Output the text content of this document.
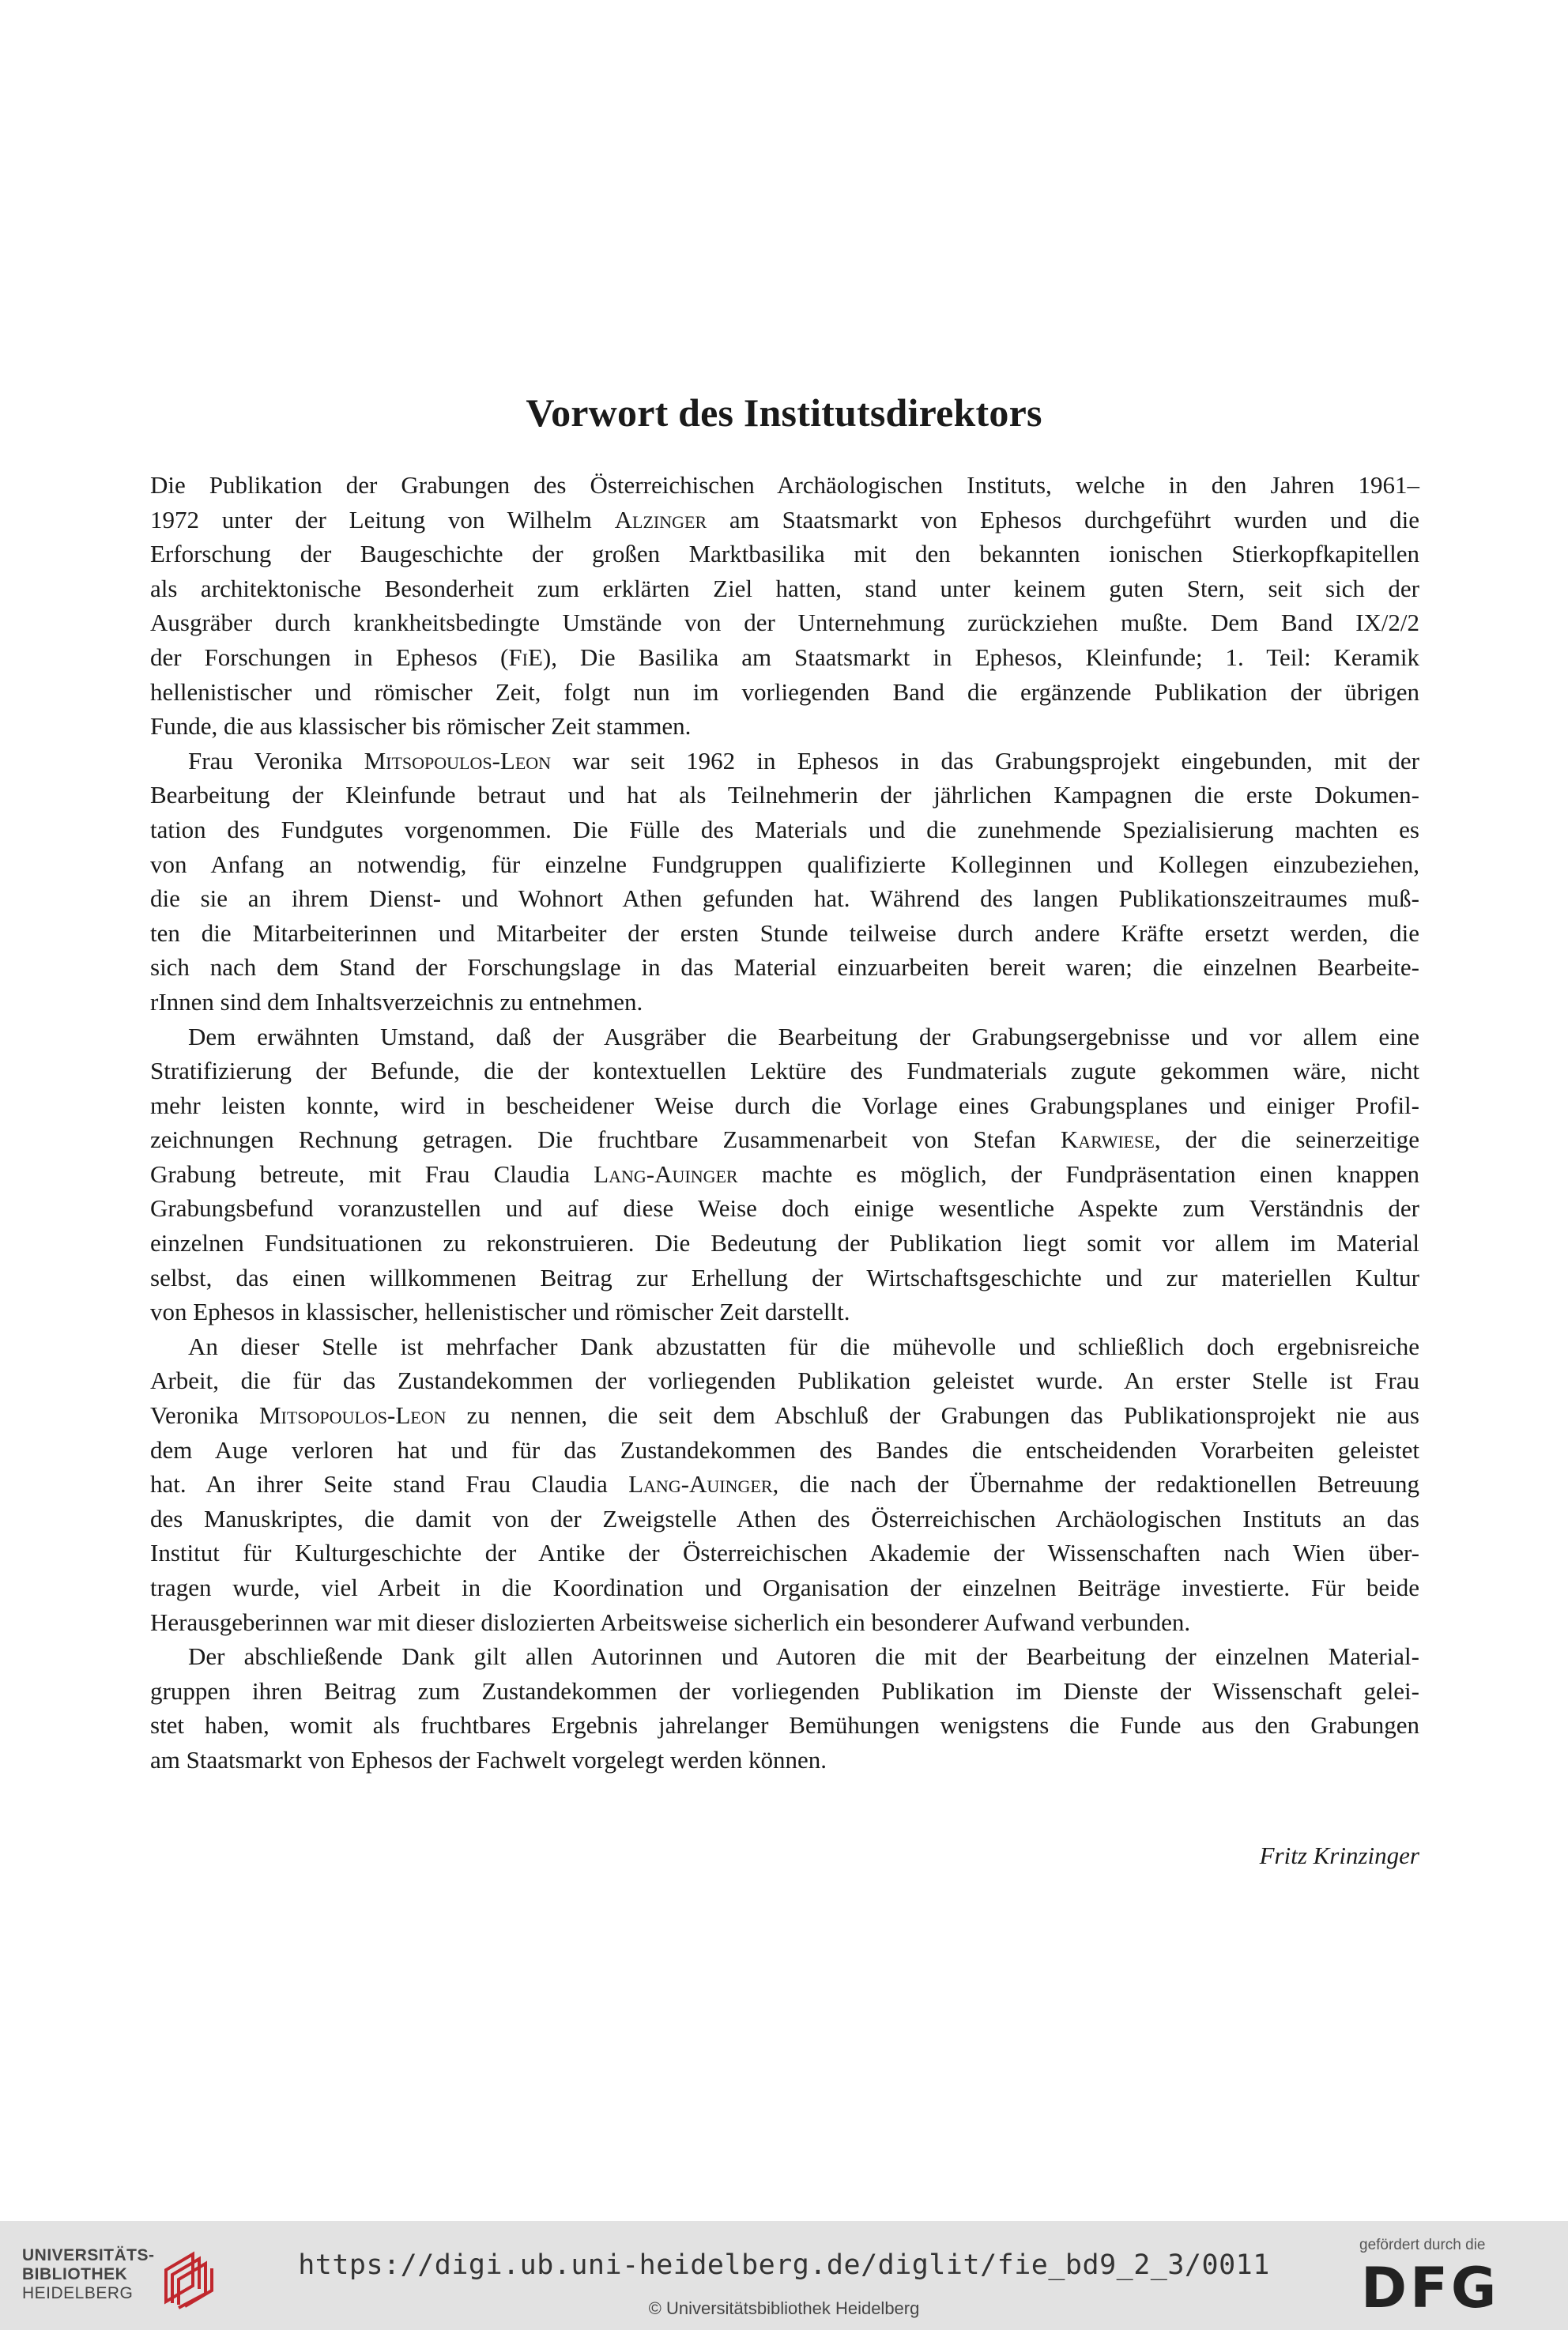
Vorwort des Institutsdirektors
Die Publikation der Grabungen des Österreichischen Archäologischen Instituts, welche in den Jahren 1961–
1972 unter der Leitung von Wilhelm Alzinger am Staatsmarkt von Ephesos durchgeführt wurden und die
Erforschung der Baugeschichte der großen Marktbasilika mit den bekannten ionischen Stierkopfkapitellen
als architektonische Besonderheit zum erklärten Ziel hatten, stand unter keinem guten Stern, seit sich der
Ausgräber durch krankheitsbedingte Umstände von der Unternehmung zurückziehen mußte. Dem Band IX/2/2
der Forschungen in Ephesos (FiE), Die Basilika am Staatsmarkt in Ephesos, Kleinfunde; 1. Teil: Keramik
hellenistischer und römischer Zeit, folgt nun im vorliegenden Band die ergänzende Publikation der übrigen
Funde, die aus klassischer bis römischer Zeit stammen.
Frau Veronika Mitsopoulos-Leon war seit 1962 in Ephesos in das Grabungsprojekt eingebunden, mit der
Bearbeitung der Kleinfunde betraut und hat als Teilnehmerin der jährlichen Kampagnen die erste Dokumen-
tation des Fundgutes vorgenommen. Die Fülle des Materials und die zunehmende Spezialisierung machten es
von Anfang an notwendig, für einzelne Fundgruppen qualifizierte Kolleginnen und Kollegen einzubeziehen,
die sie an ihrem Dienst- und Wohnort Athen gefunden hat. Während des langen Publikationszeitraumes muß-
ten die Mitarbeiterinnen und Mitarbeiter der ersten Stunde teilweise durch andere Kräfte ersetzt werden, die
sich nach dem Stand der Forschungslage in das Material einzuarbeiten bereit waren; die einzelnen Bearbeite-
rInnen sind dem Inhaltsverzeichnis zu entnehmen.
Dem erwähnten Umstand, daß der Ausgräber die Bearbeitung der Grabungsergebnisse und vor allem eine
Stratifizierung der Befunde, die der kontextuellen Lektüre des Fundmaterials zugute gekommen wäre, nicht
mehr leisten konnte, wird in bescheidener Weise durch die Vorlage eines Grabungsplanes und einiger Profil-
zeichnungen Rechnung getragen. Die fruchtbare Zusammenarbeit von Stefan Karwiese, der die seinerzeitige
Grabung betreute, mit Frau Claudia Lang-Auinger machte es möglich, der Fundpräsentation einen knappen
Grabungsbefund voranzustellen und auf diese Weise doch einige wesentliche Aspekte zum Verständnis der
einzelnen Fundsituationen zu rekonstruieren. Die Bedeutung der Publikation liegt somit vor allem im Material
selbst, das einen willkommenen Beitrag zur Erhellung der Wirtschaftsgeschichte und zur materiellen Kultur
von Ephesos in klassischer, hellenistischer und römischer Zeit darstellt.
An dieser Stelle ist mehrfacher Dank abzustatten für die mühevolle und schließlich doch ergebnisreiche
Arbeit, die für das Zustandekommen der vorliegenden Publikation geleistet wurde. An erster Stelle ist Frau
Veronika Mitsopoulos-Leon zu nennen, die seit dem Abschluß der Grabungen das Publikationsprojekt nie aus
dem Auge verloren hat und für das Zustandekommen des Bandes die entscheidenden Vorarbeiten geleistet
hat. An ihrer Seite stand Frau Claudia Lang-Auinger, die nach der Übernahme der redaktionellen Betreuung
des Manuskriptes, die damit von der Zweigstelle Athen des Österreichischen Archäologischen Instituts an das
Institut für Kulturgeschichte der Antike der Österreichischen Akademie der Wissenschaften nach Wien über-
tragen wurde, viel Arbeit in die Koordination und Organisation der einzelnen Beiträge investierte. Für beide
Herausgeberinnen war mit dieser dislozierten Arbeitsweise sicherlich ein besonderer Aufwand verbunden.
Der abschließende Dank gilt allen Autorinnen und Autoren die mit der Bearbeitung der einzelnen Material-
gruppen ihren Beitrag zum Zustandekommen der vorliegenden Publikation im Dienste der Wissenschaft gelei-
stet haben, womit als fruchtbares Ergebnis jahrelanger Bemühungen wenigstens die Funde aus den Grabungen
am Staatsmarkt von Ephesos der Fachwelt vorgelegt werden können.
Fritz Krinzinger
UNIVERSITÄTS-
BIBLIOTHEK
HEIDELBERG
https://digi.ub.uni-heidelberg.de/diglit/fie_bd9_2_3/0011
© Universitätsbibliothek Heidelberg
gefördert durch die
DFG
